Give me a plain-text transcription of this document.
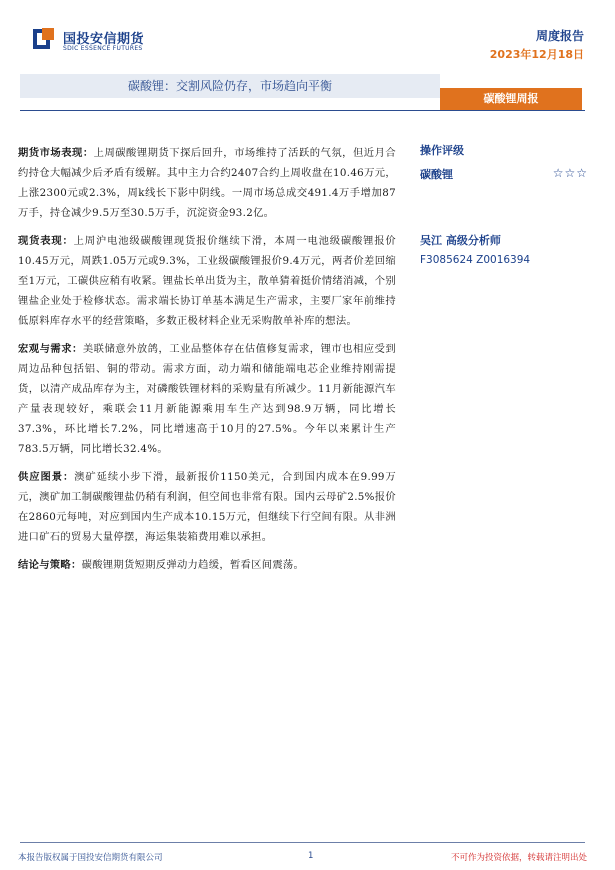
国投安信期货
SDIC ESSENCE FUTURES
周度报告
2023年12月18日
碳酸锂：交割风险仍存，市场趋向平衡
碳酸锂周报

期货市场表现：上周碳酸锂期货下探后回升，市场维持了活跃的气氛，但近月合约持仓大幅减少后矛盾有缓解。其中主力合约2407合约上周收盘在10.46万元，上涨2300元或2.3%，周k线长下影中阴线。一周市场总成交491.4万手增加87万手，持仓减少9.5万至30.5万手，沉淀资金93.2亿。

现货表现：上周沪电池级碳酸锂现货报价继续下滑，本周一电池级碳酸锂报价10.45万元，周跌1.05万元或9.3%，工业级碳酸锂报价9.4万元，两者价差回缩至1万元，工碳供应稍有收紧。锂盐长单出货为主，散单猜着挺价情绪消减，个别锂盐企业处于检修状态。需求端长协订单基本满足生产需求，主要厂家年前维持低原料库存水平的经营策略，多数正极材料企业无采购散单补库的想法。

宏观与需求：美联储意外放鸽，工业品整体存在估值修复需求，锂市也相应受到周边品种包括铝、铜的带动。需求方面，动力端和储能端电芯企业维持刚需提货，以清产成品库存为主，对磷酸铁锂材料的采购量有所减少。11月新能源汽车产量表现较好，乘联会11月新能源乘用车生产达到98.9万辆，同比增长37.3%，环比增长7.2%，同比增速高于10月的27.5%。今年以来累计生产783.5万辆，同比增长32.4%。

供应图景：澳矿延续小步下滑，最新报价1150美元，合到国内成本在9.99万元，澳矿加工制碳酸锂盐仍稍有利润，但空间也非常有限。国内云母矿2.5%报价在2860元每吨，对应到国内生产成本10.15万元，但继续下行空间有限。从非洲进口矿石的贸易大量停摆，海运集装箱费用难以承担。

结论与策略：碳酸锂期货短期反弹动力趋缓，暂看区间震荡。

操作评级
碳酸锂	☆☆☆
吴江 高级分析师
F3085624 Z0016394
本报告版权属于国投安信期货有限公司	1	不可作为投资依据，转载请注明出处
